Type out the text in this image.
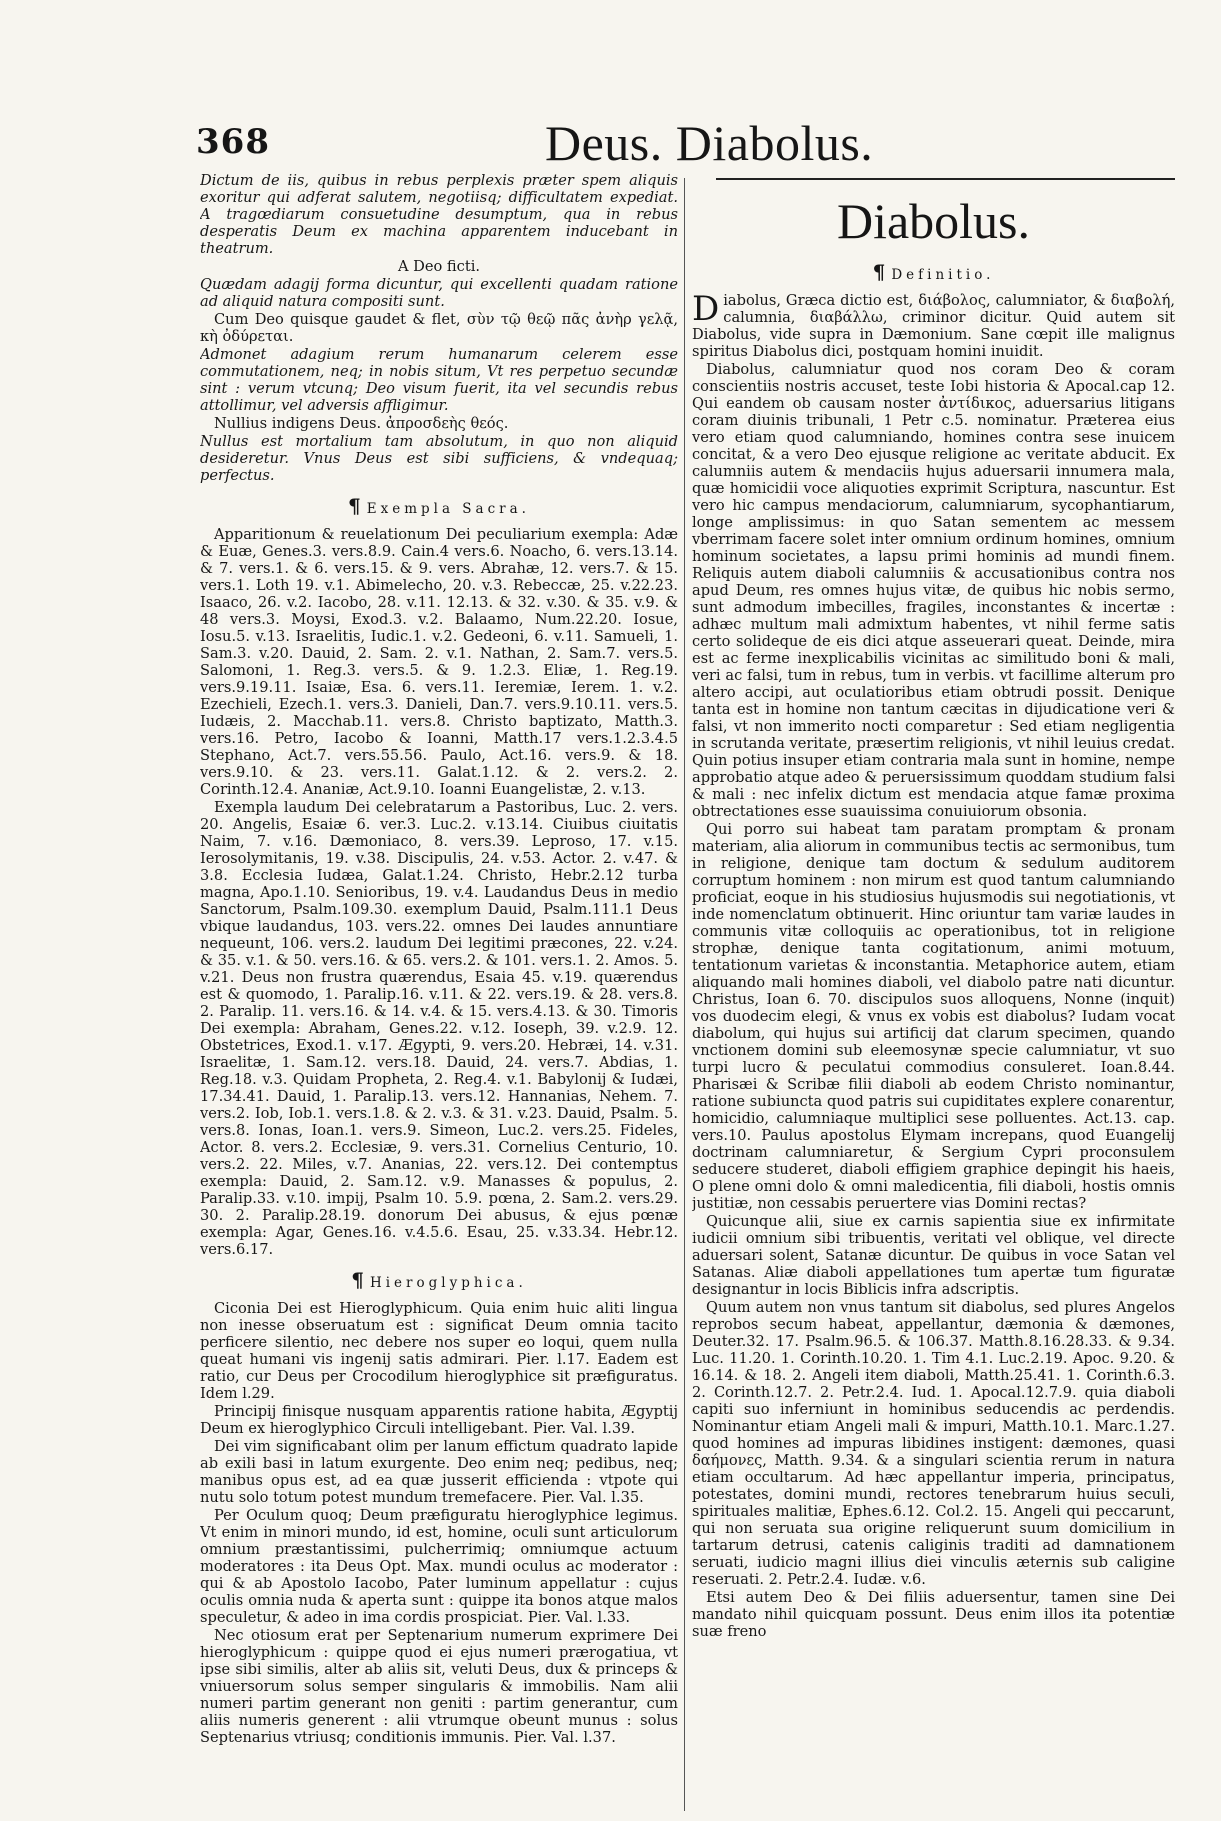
368	Deus. Diabolus.

Dictum de iis, quibus in rebus perplexis præter spem aliquis exoritur qui adferat salutem, negotiisq; difficultatem expediat. A tragœdiarum consuetudine desumptum, qua in rebus desperatis Deum ex machina apparentem inducebant in theatrum.

A Deo ficti.

Quædam adagij forma dicuntur, qui excellenti quadam ratione ad aliquid natura compositi sunt.

Cum Deo quisque gaudet & flet, σὺν τῷ θεῷ πᾶς ἀνὴρ γελᾷ, κὴ ὀδύρεται.

Admonet adagium rerum humanarum celerem esse commutationem, neq; in nobis situm, Vt res perpetuo secundæ sint : verum vtcunq; Deo visum fuerit, ita vel secundis rebus attollimur, vel adversis affligimur.

Nullius indigens Deus. ἀπροσδεὴς θεός.

Nullus est mortalium tam absolutum, in quo non aliquid desideretur. Vnus Deus est sibi sufficiens, & vndequaq; perfectus.

¶ Exempla Sacra.

Apparitionum & reuelationum Dei peculiarium exempla: Adæ & Euæ, Genes.3. vers.8.9. Cain.4 vers.6. Noacho, 6. vers.13.14. & 7. vers.1. & 6. vers.15. & 9. vers. Abrahæ, 12. vers.7. & 15. vers.1. Loth 19. v.1. Abimelecho, 20. v.3. Rebeccæ, 25. v.22.23. Isaaco, 26. v.2. Iacobo, 28. v.11. 12.13. & 32. v.30. & 35. v.9. & 48 vers.3. Moysi, Exod.3. v.2. Balaamo, Num.22.20. Iosue, Iosu.5. v.13. Israelitis, Iudic.1. v.2. Gedeoni, 6. v.11. Samueli, 1. Sam.3. v.20. Dauid, 2. Sam. 2. v.1. Nathan, 2. Sam.7. vers.5. Salomoni, 1. Reg.3. vers.5. & 9. 1.2.3. Eliæ, 1. Reg.19. vers.9.19.11. Isaiæ, Esa. 6. vers.11. Ieremiæ, Ierem. 1. v.2. Ezechieli, Ezech.1. vers.3. Danieli, Dan.7. vers.9.10.11. vers.5. Iudæis, 2. Macchab.11. vers.8. Christo baptizato, Matth.3. vers.16. Petro, Iacobo & Ioanni, Matth.17 vers.1.2.3.4.5 Stephano, Act.7. vers.55.56. Paulo, Act.16. vers.9. & 18. vers.9.10. & 23. vers.11. Galat.1.12. & 2. vers.2. 2. Corinth.12.4. Ananiæ, Act.9.10. Ioanni Euangelistæ, 2. v.13.

Exempla laudum Dei celebratarum a Pastoribus, Luc. 2. vers. 20. Angelis, Esaiæ 6. ver.3. Luc.2. v.13.14. Ciuibus ciuitatis Naim, 7. v.16. Dæmoniaco, 8. vers.39. Leproso, 17. v.15. Ierosolymitanis, 19. v.38. Discipulis, 24. v.53. Actor. 2. v.47. & 3.8. Ecclesia Iudæa, Galat.1.24. Christo, Hebr.2.12 turba magna, Apo.1.10. Senioribus, 19. v.4. Laudandus Deus in medio Sanctorum, Psalm.109.30. exemplum Dauid, Psalm.111.1 Deus vbique laudandus, 103. vers.22. omnes Dei laudes annuntiare nequeunt, 106. vers.2. laudum Dei legitimi præcones, 22. v.24. & 35. v.1. & 50. vers.16. & 65. vers.2. & 101. vers.1. 2. Amos. 5. v.21. Deus non frustra quærendus, Esaia 45. v.19. quærendus est & quomodo, 1. Paralip.16. v.11. & 22. vers.19. & 28. vers.8. 2. Paralip. 11. vers.16. & 14. v.4. & 15. vers.4.13. & 30. Timoris Dei exempla: Abraham, Genes.22. v.12. Ioseph, 39. v.2.9. 12. Obstetrices, Exod.1. v.17. Ægypti, 9. vers.20. Hebræi, 14. v.31. Israelitæ, 1. Sam.12. vers.18. Dauid, 24. vers.7. Abdias, 1. Reg.18. v.3. Quidam Propheta, 2. Reg.4. v.1. Babylonij & Iudæi, 17.34.41. Dauid, 1. Paralip.13. vers.12. Hannanias, Nehem. 7. vers.2. Iob, Iob.1. vers.1.8. & 2. v.3. & 31. v.23. Dauid, Psalm. 5. vers.8. Ionas, Ioan.1. vers.9. Simeon, Luc.2. vers.25. Fideles, Actor. 8. vers.2. Ecclesiæ, 9. vers.31. Cornelius Centurio, 10. vers.2. 22. Miles, v.7. Ananias, 22. vers.12. Dei contemptus exempla: Dauid, 2. Sam.12. v.9. Manasses & populus, 2. Paralip.33. v.10. impij, Psalm 10. 5.9. pœna, 2. Sam.2. vers.29. 30. 2. Paralip.28.19. donorum Dei abusus, & ejus pœnæ exempla: Agar, Genes.16. v.4.5.6. Esau, 25. v.33.34. Hebr.12. vers.6.17.

¶ Hieroglyphica.

Ciconia Dei est Hieroglyphicum. Quia enim huic aliti lingua non inesse obseruatum est : significat Deum omnia tacito perficere silentio, nec debere nos super eo loqui, quem nulla queat humani vis ingenij satis admirari. Pier. l.17. Eadem est ratio, cur Deus per Crocodilum hieroglyphice sit præfiguratus. Idem l.29.

Principij finisque nusquam apparentis ratione habita, Ægyptij Deum ex hieroglyphico Circuli intelligebant. Pier. Val. l.39.

Dei vim significabant olim per lanum effictum quadrato lapide ab exili basi in latum exurgente. Deo enim neq; pedibus, neq; manibus opus est, ad ea quæ jusserit efficienda : vtpote qui nutu solo totum potest mundum tremefacere. Pier. Val. l.35.

Per Oculum quoq; Deum præfiguratu hieroglyphice legimus. Vt enim in minori mundo, id est, homine, oculi sunt articulorum omnium præstantissimi, pulcherrimiq; omniumque actuum moderatores : ita Deus Opt. Max. mundi oculus ac moderator : qui & ab Apostolo Iacobo, Pater luminum appellatur : cujus oculis omnia nuda & aperta sunt : quippe ita bonos atque malos speculetur, & adeo in ima cordis prospiciat. Pier. Val. l.33.

Nec otiosum erat per Septenarium numerum exprimere Dei hieroglyphicum : quippe quod ei ejus numeri prærogatiua, vt ipse sibi similis, alter ab aliis sit, veluti Deus, dux & princeps & vniuersorum solus semper singularis & immobilis. Nam alii numeri partim generant non geniti : partim generantur, cum aliis numeris generent : alii vtrumque obeunt munus : solus Septenarius vtriusq; conditionis immunis. Pier. Val. l.37.

Diabolus.
¶ Definitio.

Diabolus, Græca dictio est, διάβολος, calumniator, & διαβολή, calumnia, διαβάλλω, criminor dicitur. Quid autem sit Diabolus, vide supra in Dæmonium. Sane cœpit ille malignus spiritus Diabolus dici, postquam homini inuidit.

Diabolus, calumniatur quod nos coram Deo & coram conscientiis nostris accuset, teste Iobi historia & Apocal.cap 12. Qui eandem ob causam noster ἀντίδικος, aduersarius litigans coram diuinis tribunali, 1 Petr c.5. nominatur. Præterea eius vero etiam quod calumniando, homines contra sese inuicem concitat, & a vero Deo ejusque religione ac veritate abducit. Ex calumniis autem & mendaciis hujus aduersarii innumera mala, quæ homicidii voce aliquoties exprimit Scriptura, nascuntur. Est vero hic campus mendaciorum, calumniarum, sycophantiarum, longe amplissimus: in quo Satan sementem ac messem vberrimam facere solet inter omnium ordinum homines, omnium hominum societates, a lapsu primi hominis ad mundi finem. Reliquis autem diaboli calumniis & accusationibus contra nos apud Deum, res omnes hujus vitæ, de quibus hic nobis sermo, sunt admodum imbecilles, fragiles, inconstantes & incertæ : adhæc multum mali admixtum habentes, vt nihil ferme satis certo solideque de eis dici atque asseuerari queat. Deinde, mira est ac ferme inexplicabilis vicinitas ac similitudo boni & mali, veri ac falsi, tum in rebus, tum in verbis. vt facillime alterum pro altero accipi, aut oculatioribus etiam obtrudi possit. Denique tanta est in homine non tantum cæcitas in dijudicatione veri & falsi, vt non immerito nocti comparetur : Sed etiam negligentia in scrutanda veritate, præsertim religionis, vt nihil leuius credat. Quin potius insuper etiam contraria mala sunt in homine, nempe approbatio atque adeo & peruersissimum quoddam studium falsi & mali : nec infelix dictum est mendacia atque famæ proxima obtrectationes esse suauissima conuiuiorum obsonia.

Qui porro sui habeat tam paratam promptam & pronam materiam, alia aliorum in communibus tectis ac sermonibus, tum in religione, denique tam doctum & sedulum auditorem corruptum hominem : non mirum est quod tantum calumniando proficiat, eoque in his studiosius hujusmodis sui negotiationis, vt inde nomenclatum obtinuerit. Hinc oriuntur tam variæ laudes in communis vitæ colloquiis ac operationibus, tot in religione strophæ, denique tanta cogitationum, animi motuum, tentationum varietas & inconstantia. Metaphorice autem, etiam aliquando mali homines diaboli, vel diabolo patre nati dicuntur. Christus, Ioan 6. 70. discipulos suos alloquens, Nonne (inquit) vos duodecim elegi, & vnus ex vobis est diabolus? Iudam vocat diabolum, qui hujus sui artificij dat clarum specimen, quando vnctionem domini sub eleemosynæ specie calumniatur, vt suo turpi lucro & peculatui commodius consuleret. Ioan.8.44. Pharisæi & Scribæ filii diaboli ab eodem Christo nominantur, ratione subiuncta quod patris sui cupiditates explere conarentur, homicidio, calumniaque multiplici sese polluentes. Act.13. cap. vers.10. Paulus apostolus Elymam increpans, quod Euangelij doctrinam calumniaretur, & Sergium Cypri proconsulem seducere studeret, diaboli effigiem graphice depingit his haeis, O plene omni dolo & omni maledicentia, fili diaboli, hostis omnis justitiæ, non cessabis peruertere vias Domini rectas?

Quicunque alii, siue ex carnis sapientia siue ex infirmitate iudicii omnium sibi tribuentis, veritati vel oblique, vel directe aduersari solent, Satanæ dicuntur. De quibus in voce Satan vel Satanas. Aliæ diaboli appellationes tum apertæ tum figuratæ designantur in locis Biblicis infra adscriptis.

Quum autem non vnus tantum sit diabolus, sed plures Angelos reprobos secum habeat, appellantur, dæmonia & dæmones, Deuter.32. 17. Psalm.96.5. & 106.37. Matth.8.16.28.33. & 9.34. Luc. 11.20. 1. Corinth.10.20. 1. Tim 4.1. Luc.2.19. Apoc. 9.20. & 16.14. & 18. 2. Angeli item diaboli, Matth.25.41. 1. Corinth.6.3. 2. Corinth.12.7. 2. Petr.2.4. Iud. 1. Apocal.12.7.9. quia diaboli capiti suo inferniunt in hominibus seducendis ac perdendis. Nominantur etiam Angeli mali & impuri, Matth.10.1. Marc.1.27. quod homines ad impuras libidines instigent: dæmones, quasi δαήμονες, Matth. 9.34. & a singulari scientia rerum in natura etiam occultarum. Ad hæc appellantur imperia, principatus, potestates, domini mundi, rectores tenebrarum huius seculi, spirituales malitiæ, Ephes.6.12. Col.2. 15. Angeli qui peccarunt, qui non seruata sua origine reliquerunt suum domicilium in tartarum detrusi, catenis caliginis traditi ad damnationem seruati, iudicio magni illius diei vinculis æternis sub caligine reseruati. 2. Petr.2.4. Iudæ. v.6.

Etsi autem Deo & Dei filiis aduersentur, tamen sine Dei mandato nihil quicquam possunt. Deus enim illos ita potentiæ suæ freno
